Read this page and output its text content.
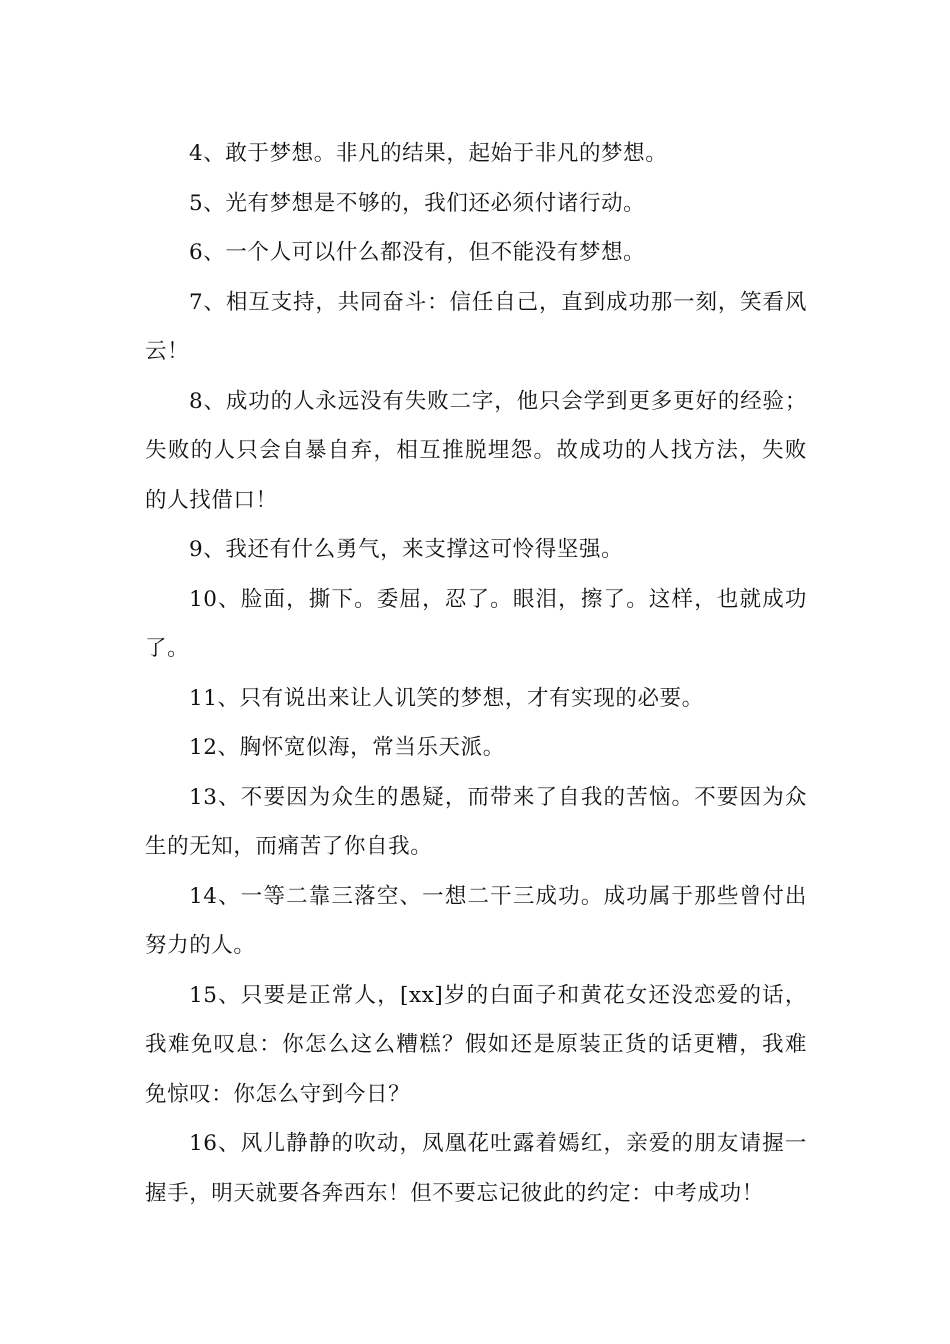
4、敢于梦想。非凡的结果，起始于非凡的梦想。

5、光有梦想是不够的，我们还必须付诸行动。

6、一个人可以什么都没有，但不能没有梦想。

7、相互支持，共同奋斗：信任自己，直到成功那一刻，笑看风云！

8、成功的人永远没有失败二字，他只会学到更多更好的经验；失败的人只会自暴自弃，相互推脱埋怨。故成功的人找方法，失败的人找借口！

9、我还有什么勇气，来支撑这可怜得坚强。

10、脸面，撕下。委屈，忍了。眼泪，擦了。这样，也就成功了。

11、只有说出来让人讥笑的梦想，才有实现的必要。

12、胸怀宽似海，常当乐天派。

13、不要因为众生的愚疑，而带来了自我的苦恼。不要因为众生的无知，而痛苦了你自我。

14、一等二靠三落空、一想二干三成功。成功属于那些曾付出努力的人。

15、只要是正常人，[xx]岁的白面子和黄花女还没恋爱的话，我难免叹息：你怎么这么糟糕？假如还是原装正货的话更糟，我难免惊叹：你怎么守到今日？

16、风儿静静的吹动，凤凰花吐露着嫣红，亲爱的朋友请握一握手，明天就要各奔西东！但不要忘记彼此的约定：中考成功！
